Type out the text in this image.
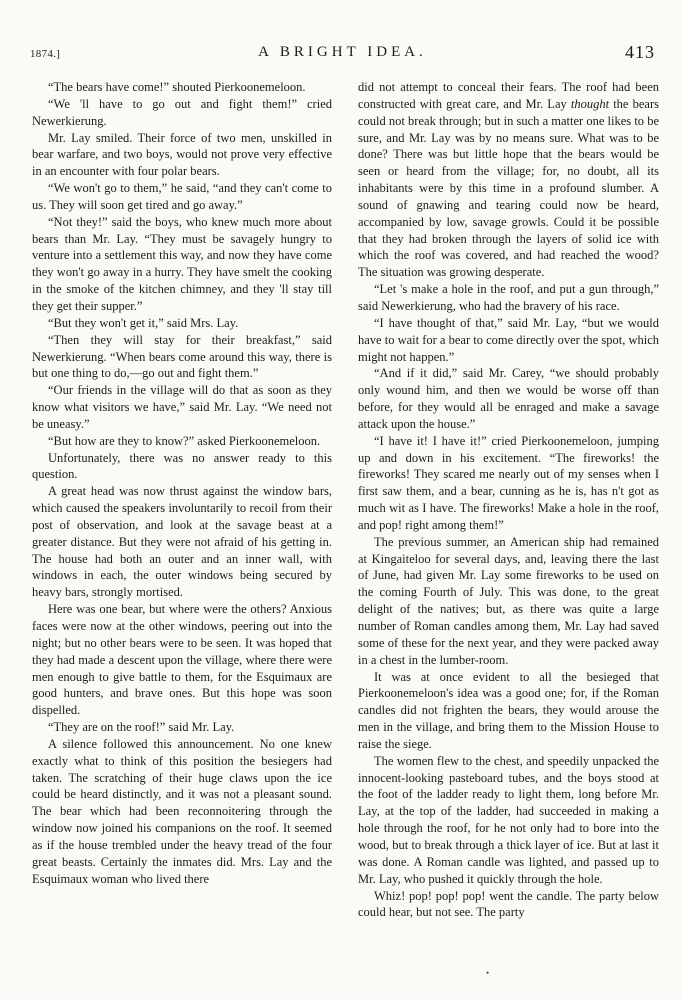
1874.]	A BRIGHT IDEA.	413

“The bears have come!” shouted Pierkoonemeloon.

“We 'll have to go out and fight them!” cried Newerkierung.

Mr. Lay smiled. Their force of two men, unskilled in bear warfare, and two boys, would not prove very effective in an encounter with four polar bears.

“We won't go to them,” he said, “and they can't come to us. They will soon get tired and go away.”

“Not they!” said the boys, who knew much more about bears than Mr. Lay. “They must be savagely hungry to venture into a settlement this way, and now they have come they won't go away in a hurry. They have smelt the cooking in the smoke of the kitchen chimney, and they 'll stay till they get their supper.”

“But they won't get it,” said Mrs. Lay.

“Then they will stay for their breakfast,” said Newerkierung. “When bears come around this way, there is but one thing to do,—go out and fight them.”

“Our friends in the village will do that as soon as they know what visitors we have,” said Mr. Lay. “We need not be uneasy.”

“But how are they to know?” asked Pierkoonemeloon.

Unfortunately, there was no answer ready to this question.

A great head was now thrust against the window bars, which caused the speakers involuntarily to recoil from their post of observation, and look at the savage beast at a greater distance. But they were not afraid of his getting in. The house had both an outer and an inner wall, with windows in each, the outer windows being secured by heavy bars, strongly mortised.

Here was one bear, but where were the others? Anxious faces were now at the other windows, peering out into the night; but no other bears were to be seen. It was hoped that they had made a descent upon the village, where there were men enough to give battle to them, for the Esquimaux are good hunters, and brave ones. But this hope was soon dispelled.

“They are on the roof!” said Mr. Lay.

A silence followed this announcement. No one knew exactly what to think of this position the besiegers had taken. The scratching of their huge claws upon the ice could be heard distinctly, and it was not a pleasant sound. The bear which had been reconnoitering through the window now joined his companions on the roof. It seemed as if the house trembled under the heavy tread of the four great beasts. Certainly the inmates did. Mrs. Lay and the Esquimaux woman who lived there

did not attempt to conceal their fears. The roof had been constructed with great care, and Mr. Lay thought the bears could not break through; but in such a matter one likes to be sure, and Mr. Lay was by no means sure. What was to be done? There was but little hope that the bears would be seen or heard from the village; for, no doubt, all its inhabitants were by this time in a profound slumber. A sound of gnawing and tearing could now be heard, accompanied by low, savage growls. Could it be possible that they had broken through the layers of solid ice with which the roof was covered, and had reached the wood? The situation was growing desperate.

“Let 's make a hole in the roof, and put a gun through,” said Newerkierung, who had the bravery of his race.

“I have thought of that,” said Mr. Lay, “but we would have to wait for a bear to come directly over the spot, which might not happen.”

“And if it did,” said Mr. Carey, “we should probably only wound him, and then we would be worse off than before, for they would all be enraged and make a savage attack upon the house.”

“I have it! I have it!” cried Pierkoonemeloon, jumping up and down in his excitement. “The fireworks! the fireworks! They scared me nearly out of my senses when I first saw them, and a bear, cunning as he is, has n't got as much wit as I have. The fireworks! Make a hole in the roof, and pop! right among them!”

The previous summer, an American ship had remained at Kingaiteloo for several days, and, leaving there the last of June, had given Mr. Lay some fireworks to be used on the coming Fourth of July. This was done, to the great delight of the natives; but, as there was quite a large number of Roman candles among them, Mr. Lay had saved some of these for the next year, and they were packed away in a chest in the lumber-room.

It was at once evident to all the besieged that Pierkoonemeloon's idea was a good one; for, if the Roman candles did not frighten the bears, they would arouse the men in the village, and bring them to the Mission House to raise the siege.

The women flew to the chest, and speedily unpacked the innocent-looking pasteboard tubes, and the boys stood at the foot of the ladder ready to light them, long before Mr. Lay, at the top of the ladder, had succeeded in making a hole through the roof, for he not only had to bore into the wood, but to break through a thick layer of ice. But at last it was done. A Roman candle was lighted, and passed up to Mr. Lay, who pushed it quickly through the hole.

Whiz! pop! pop! pop! went the candle. The party below could hear, but not see. The party

•
